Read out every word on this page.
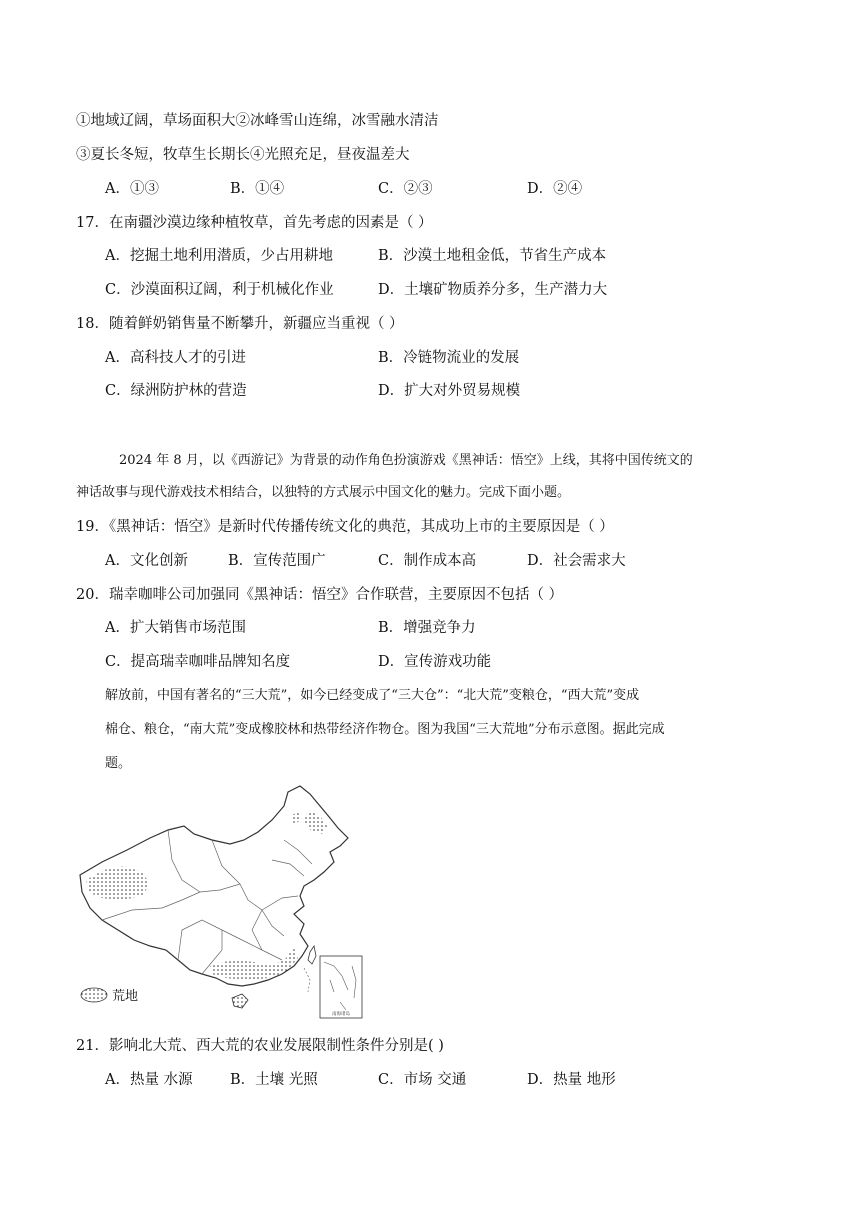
①地域辽阔，草场面积大②冰峰雪山连绵，冰雪融水清洁
③夏长冬短，牧草生长期长④光照充足，昼夜温差大
A．①③	B．①④	C．②③	D．②④
17．在南疆沙漠边缘种植牧草，首先考虑的因素是（ ）
A．挖掘土地利用潜质，少占用耕地	B．沙漠土地租金低，节省生产成本
C．沙漠面积辽阔，利于机械化作业	D．土壤矿物质养分多，生产潜力大
18．随着鲜奶销售量不断攀升，新疆应当重视（ ）
A．高科技人才的引进	B．冷链物流业的发展
C．绿洲防护林的营造	D．扩大对外贸易规模
2024 年 8 月，以《西游记》为背景的动作角色扮演游戏《黑神话：悟空》上线，其将中国传统文的
神话故事与现代游戏技术相结合，以独特的方式展示中国文化的魅力。完成下面小题。
19．《黑神话：悟空》是新时代传播传统文化的典范，其成功上市的主要原因是（ ）
A．文化创新	B．宣传范围广	C．制作成本高	D．社会需求大
20．瑞幸咖啡公司加强同《黑神话：悟空》合作联营，主要原因不包括（ ）
A．扩大销售市场范围	B．增强竞争力
C．提高瑞幸咖啡品牌知名度	D．宣传游戏功能
解放前，中国有著名的“三大荒”，如今已经变成了“三大仓”：“北大荒”变粮仓，“西大荒”变成
棉仓、粮仓，“南大荒”变成橡胶林和热带经济作物仓。图为我国“三大荒地”分布示意图。据此完成
题。
南海诸岛
荒地
21．影响北大荒、西大荒的农业发展限制性条件分别是( )
A．热量 水源	B．土壤 光照	C．市场 交通	D．热量 地形
